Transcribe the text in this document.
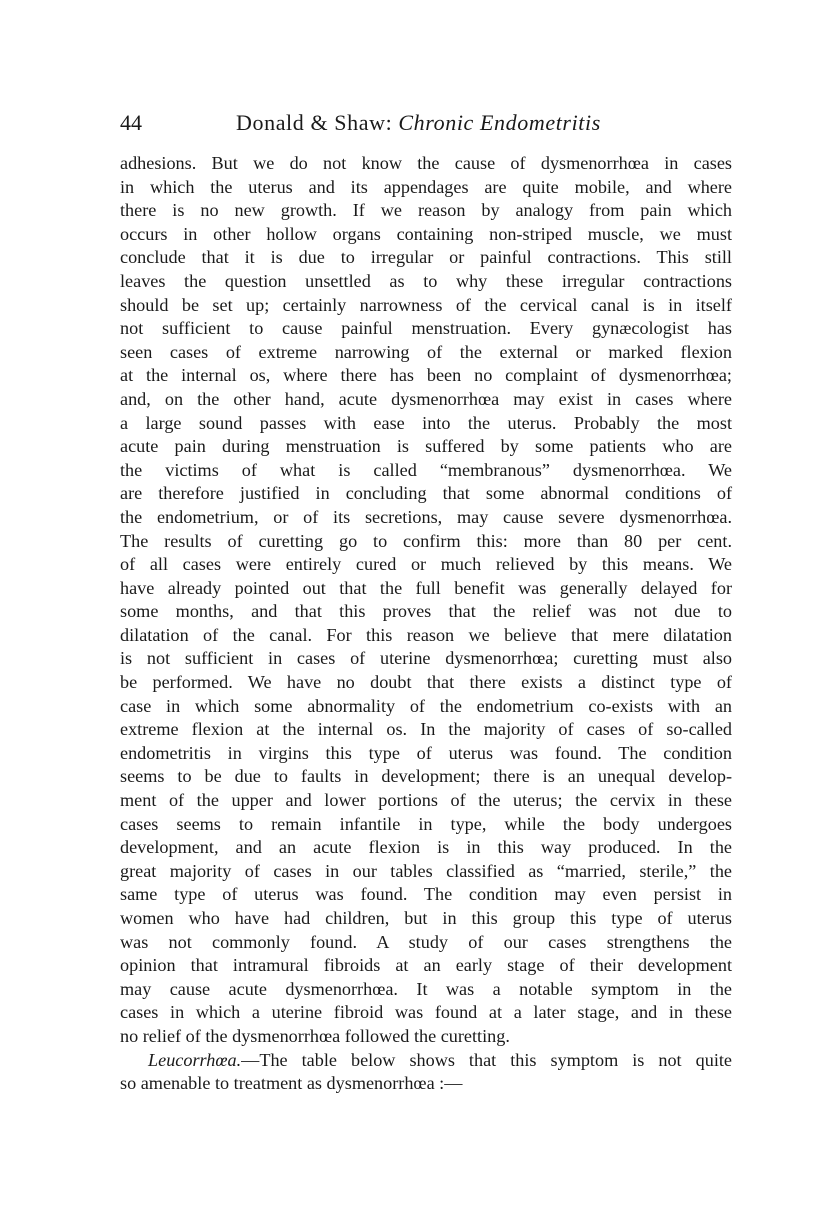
44	Donald & Shaw: Chronic Endometritis
adhesions. But we do not know the cause of dysmenorrhœa in cases
in which the uterus and its appendages are quite mobile, and where
there is no new growth. If we reason by analogy from pain which
occurs in other hollow organs containing non-striped muscle, we must
conclude that it is due to irregular or painful contractions. This still
leaves the question unsettled as to why these irregular contractions
should be set up; certainly narrowness of the cervical canal is in itself
not sufficient to cause painful menstruation. Every gynæcologist has
seen cases of extreme narrowing of the external or marked flexion
at the internal os, where there has been no complaint of dysmenorrhœa;
and, on the other hand, acute dysmenorrhœa may exist in cases where
a large sound passes with ease into the uterus. Probably the most
acute pain during menstruation is suffered by some patients who are
the victims of what is called “membranous” dysmenorrhœa. We
are therefore justified in concluding that some abnormal conditions of
the endometrium, or of its secretions, may cause severe dysmenorrhœa.
The results of curetting go to confirm this: more than 80 per cent.
of all cases were entirely cured or much relieved by this means. We
have already pointed out that the full benefit was generally delayed for
some months, and that this proves that the relief was not due to
dilatation of the canal. For this reason we believe that mere dilatation
is not sufficient in cases of uterine dysmenorrhœa; curetting must also
be performed. We have no doubt that there exists a distinct type of
case in which some abnormality of the endometrium co-exists with an
extreme flexion at the internal os. In the majority of cases of so-called
endometritis in virgins this type of uterus was found. The condition
seems to be due to faults in development; there is an unequal develop-
ment of the upper and lower portions of the uterus; the cervix in these
cases seems to remain infantile in type, while the body undergoes
development, and an acute flexion is in this way produced. In the
great majority of cases in our tables classified as “married, sterile,” the
same type of uterus was found. The condition may even persist in
women who have had children, but in this group this type of uterus
was not commonly found. A study of our cases strengthens the
opinion that intramural fibroids at an early stage of their development
may cause acute dysmenorrhœa. It was a notable symptom in the
cases in which a uterine fibroid was found at a later stage, and in these
no relief of the dysmenorrhœa followed the curetting.
Leucorrhœa.—The table below shows that this symptom is not quite
so amenable to treatment as dysmenorrhœa :—
